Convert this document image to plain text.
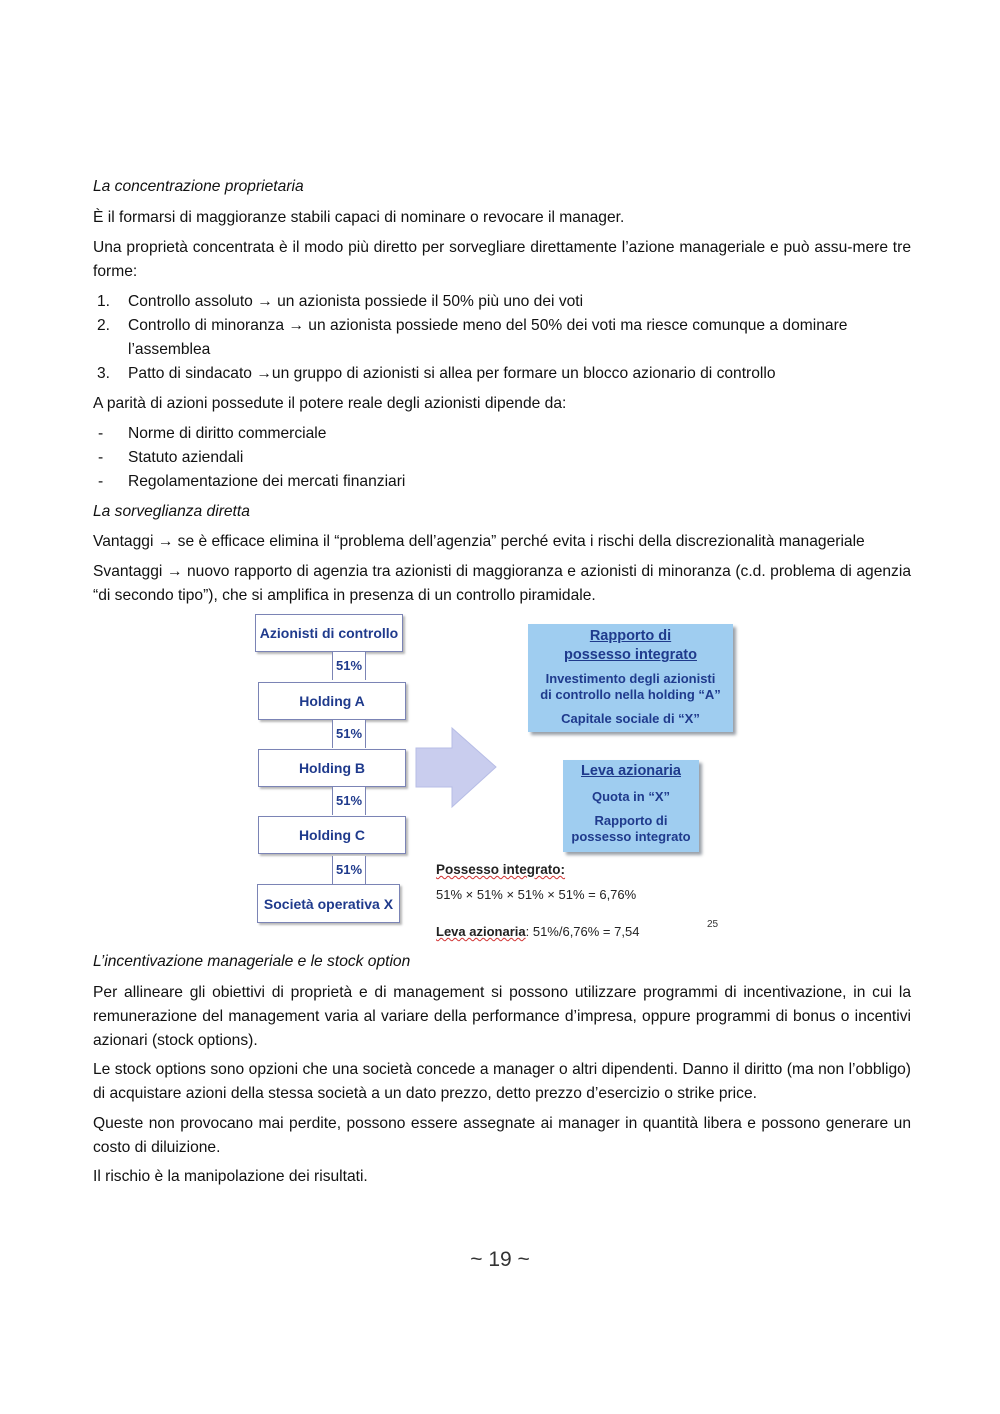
La concentrazione proprietaria
È il formarsi di maggioranze stabili capaci di nominare o revocare il manager.
Una proprietà concentrata è il modo più diretto per sorvegliare direttamente l’azione manageriale e può assu-mere tre forme:
1.	Controllo assoluto → un azionista possiede il 50% più uno dei voti
2.	Controllo di minoranza → un azionista possiede meno del 50% dei voti ma riesce comunque a dominare l’assemblea
3.	Patto di sindacato →un gruppo di azionisti si allea per formare un blocco azionario di controllo
A parità di azioni possedute il potere reale degli azionisti dipende da:
- Norme di diritto commerciale
- Statuto aziendali
- Regolamentazione dei mercati finanziari
La sorveglianza diretta
Vantaggi → se è efficace elimina il “problema dell’agenzia” perché evita i rischi della discrezionalità manageriale
Svantaggi → nuovo rapporto di agenzia tra azionisti di maggioranza e azionisti di minoranza (c.d. problema di agenzia “di secondo tipo”), che si amplifica in presenza di un controllo piramidale.
Azionisti di controllo
51%
Holding A
51%
Holding B
51%
Holding C
51%
Società operativa X
Rapporto di
possesso integrato
Investimento degli azionisti
di controllo nella holding “A”
Capitale sociale di “X”
Leva azionaria
Quota in “X”
Rapporto di
possesso integrato
Possesso integrato:
51% × 51% × 51% × 51% = 6,76%
Leva azionaria: 51%/6,76% = 7,54	25
L’incentivazione manageriale e le stock option
Per allineare gli obiettivi di proprietà e di management si possono utilizzare programmi di incentivazione, in cui la remunerazione del management varia al variare della performance d’impresa, oppure programmi di bonus o incentivi azionari (stock options).
Le stock options sono opzioni che una società concede a manager o altri dipendenti. Danno il diritto (ma non l’obbligo) di acquistare azioni della stessa società a un dato prezzo, detto prezzo d’esercizio o strike price.
Queste non provocano mai perdite, possono essere assegnate ai manager in quantità libera e possono generare un costo di diluizione.
Il rischio è la manipolazione dei risultati.
~ 19 ~
